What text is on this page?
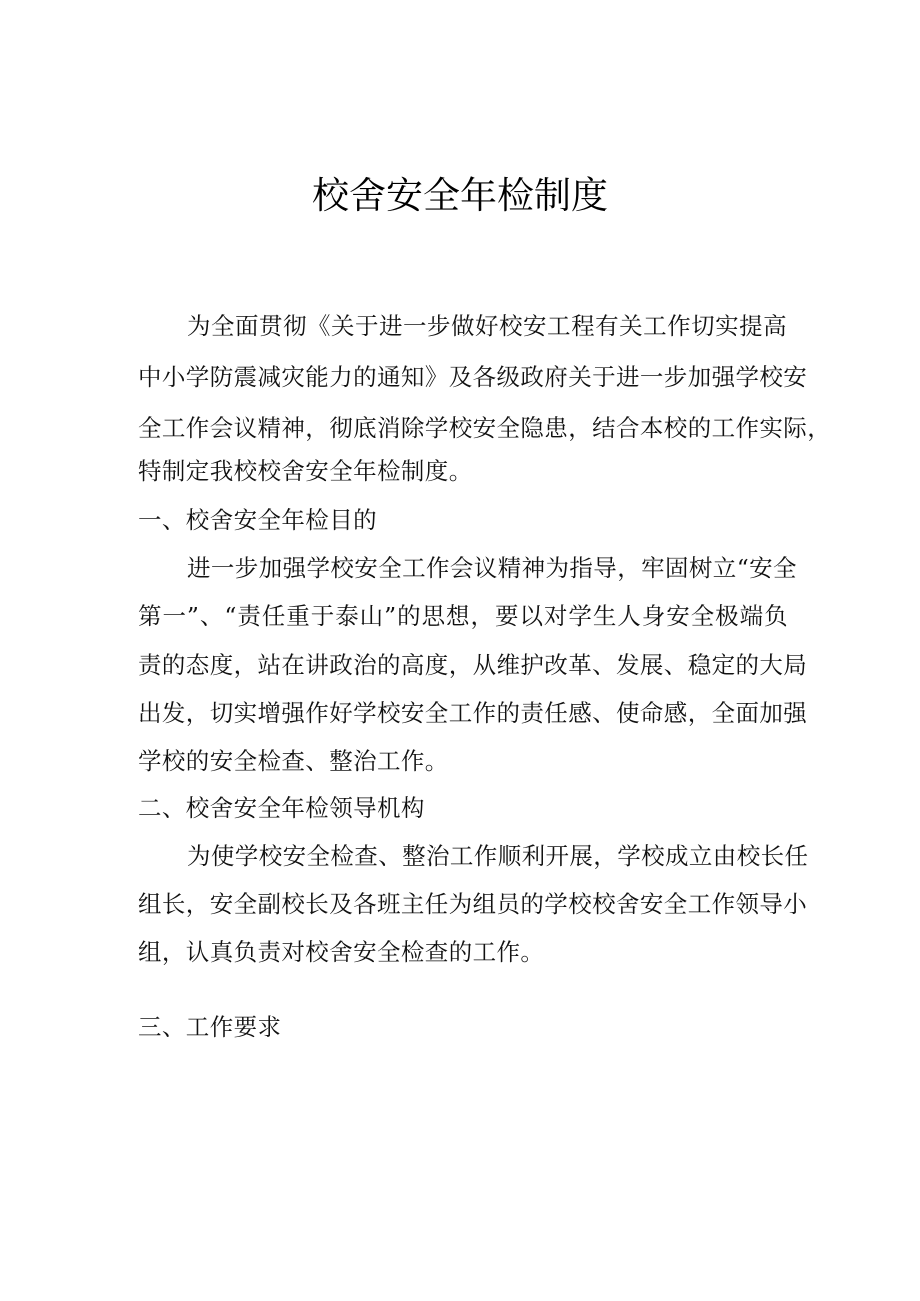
校舍安全年检制度
为全面贯彻《关于进一步做好校安工程有关工作切实提高
中小学防震减灾能力的通知》及各级政府关于进一步加强学校安
全工作会议精神，彻底消除学校安全隐患，结合本校的工作实际，
特制定我校校舍安全年检制度。
一、校舍安全年检目的
进一步加强学校安全工作会议精神为指导，牢固树立“安全
第一”、“责任重于泰山”的思想，要以对学生人身安全极端负
责的态度，站在讲政治的高度，从维护改革、发展、稳定的大局
出发，切实增强作好学校安全工作的责任感、使命感，全面加强
学校的安全检查、整治工作。
二、校舍安全年检领导机构
为使学校安全检查、整治工作顺利开展，学校成立由校长任
组长，安全副校长及各班主任为组员的学校校舍安全工作领导小
组，认真负责对校舍安全检查的工作。
三、工作要求
